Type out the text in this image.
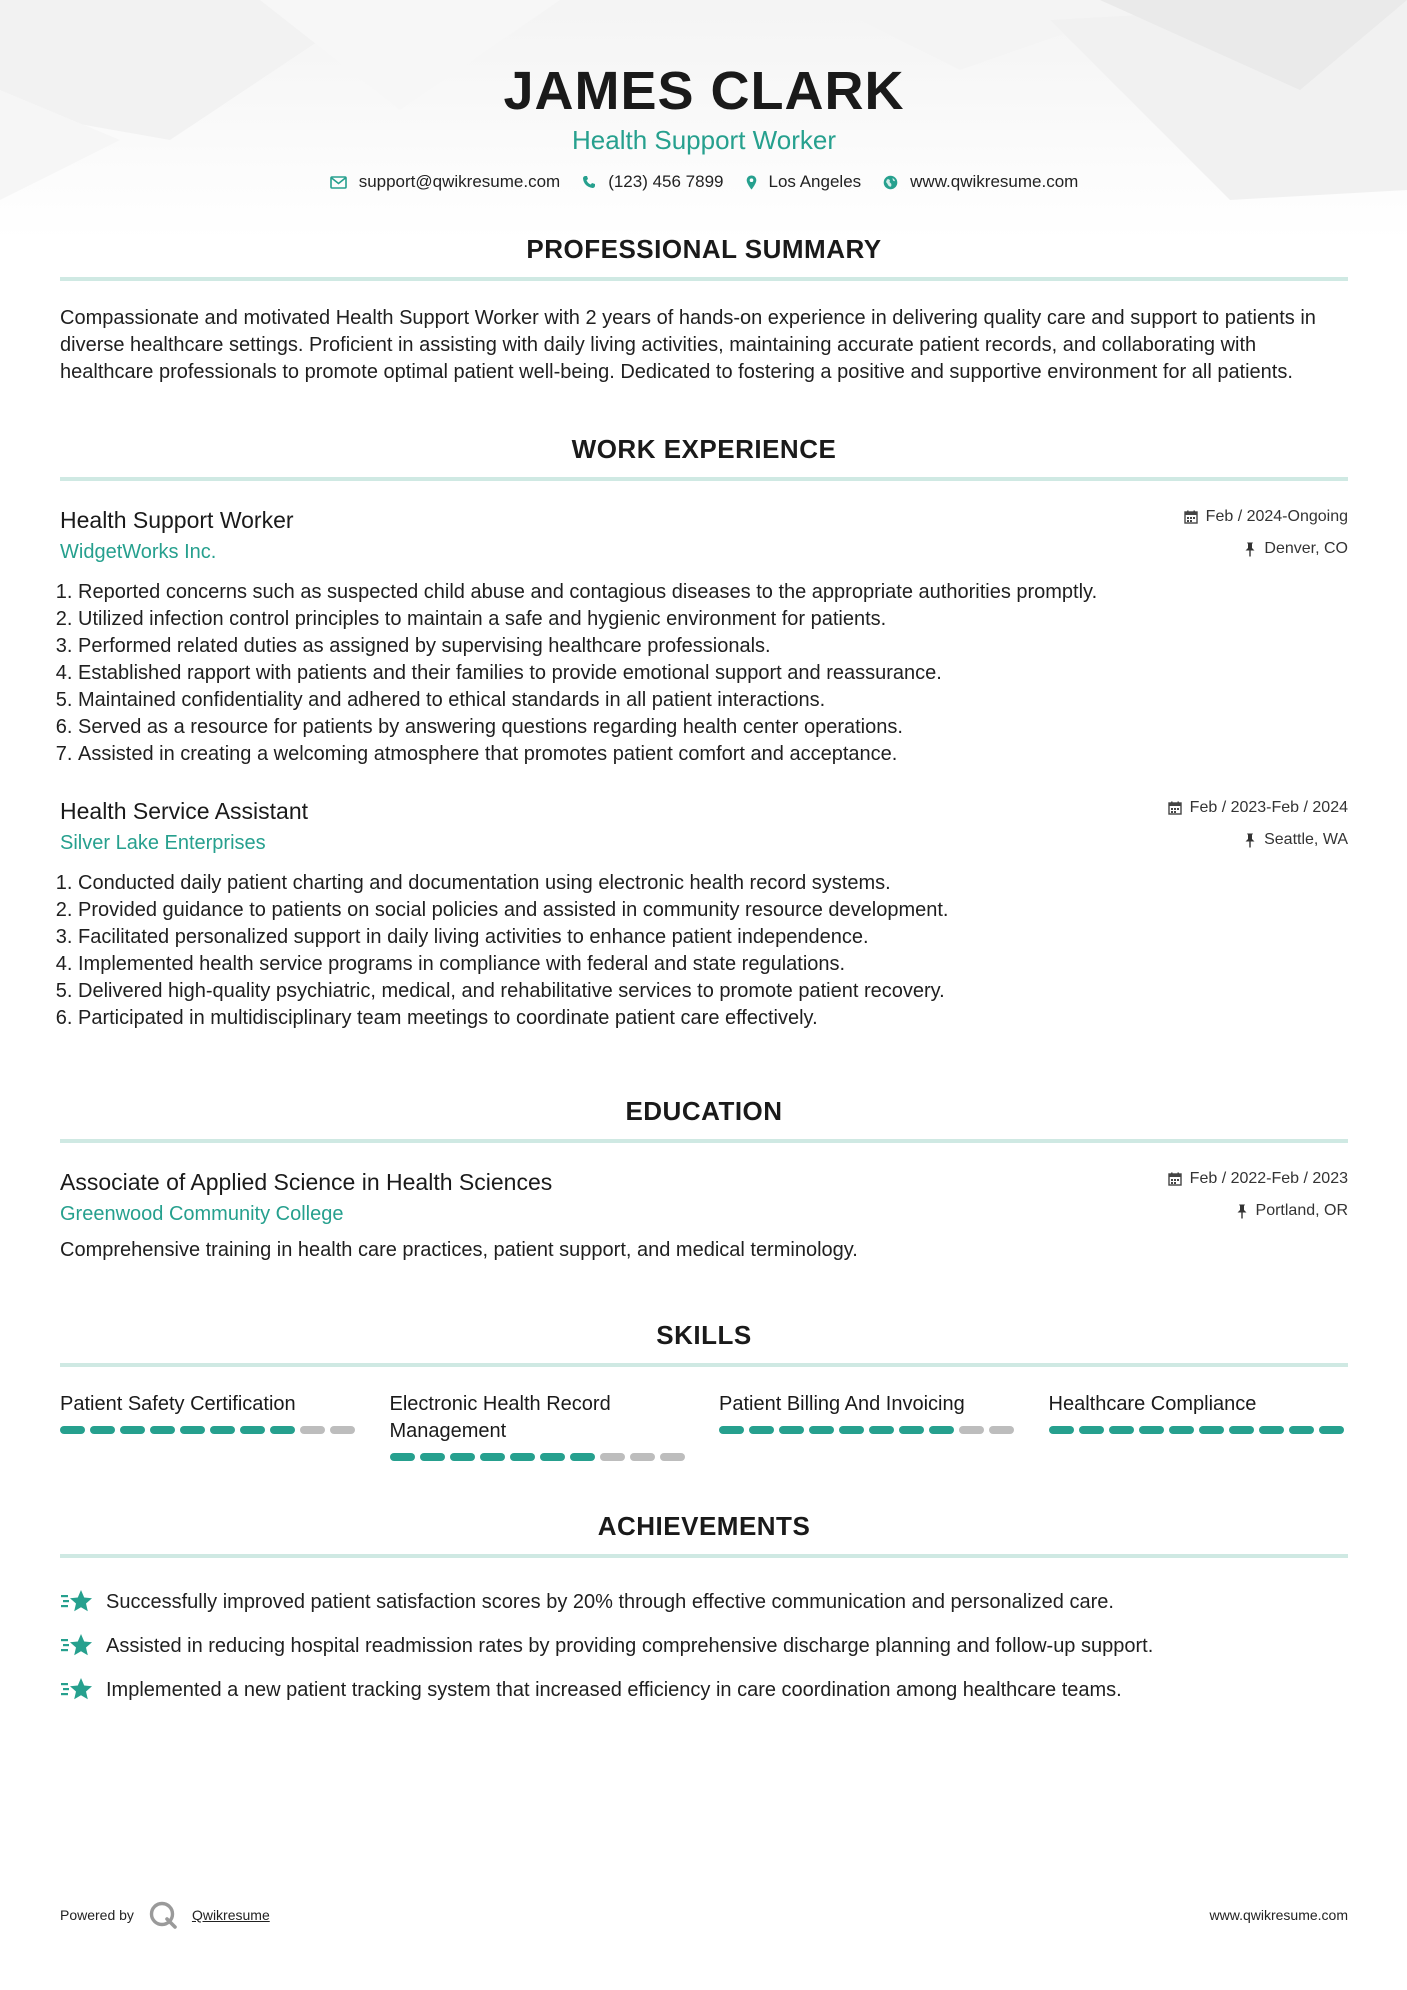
JAMES CLARK
Health Support Worker
support@qwikresume.com	(123) 456 7899	Los Angeles	www.qwikresume.com
PROFESSIONAL SUMMARY
Compassionate and motivated Health Support Worker with 2 years of hands-on experience in delivering quality care and support to patients in diverse healthcare settings. Proficient in assisting with daily living activities, maintaining accurate patient records, and collaborating with healthcare professionals to promote optimal patient well-being. Dedicated to fostering a positive and supportive environment for all patients.
WORK EXPERIENCE
Health Support Worker
WidgetWorks Inc.
Feb / 2024-Ongoing
Denver, CO
1. Reported concerns such as suspected child abuse and contagious diseases to the appropriate authorities promptly.
2. Utilized infection control principles to maintain a safe and hygienic environment for patients.
3. Performed related duties as assigned by supervising healthcare professionals.
4. Established rapport with patients and their families to provide emotional support and reassurance.
5. Maintained confidentiality and adhered to ethical standards in all patient interactions.
6. Served as a resource for patients by answering questions regarding health center operations.
7. Assisted in creating a welcoming atmosphere that promotes patient comfort and acceptance.
Health Service Assistant
Silver Lake Enterprises
Feb / 2023-Feb / 2024
Seattle, WA
1. Conducted daily patient charting and documentation using electronic health record systems.
2. Provided guidance to patients on social policies and assisted in community resource development.
3. Facilitated personalized support in daily living activities to enhance patient independence.
4. Implemented health service programs in compliance with federal and state regulations.
5. Delivered high-quality psychiatric, medical, and rehabilitative services to promote patient recovery.
6. Participated in multidisciplinary team meetings to coordinate patient care effectively.
EDUCATION
Associate of Applied Science in Health Sciences
Greenwood Community College
Feb / 2022-Feb / 2023
Portland, OR
Comprehensive training in health care practices, patient support, and medical terminology.
SKILLS
Patient Safety Certification	Electronic Health Record Management
Patient Billing And Invoicing	Healthcare Compliance
ACHIEVEMENTS
Successfully improved patient satisfaction scores by 20% through effective communication and personalized care.
Assisted in reducing hospital readmission rates by providing comprehensive discharge planning and follow-up support.
Implemented a new patient tracking system that increased efficiency in care coordination among healthcare teams.
Powered by	Qwikresume	www.qwikresume.com
